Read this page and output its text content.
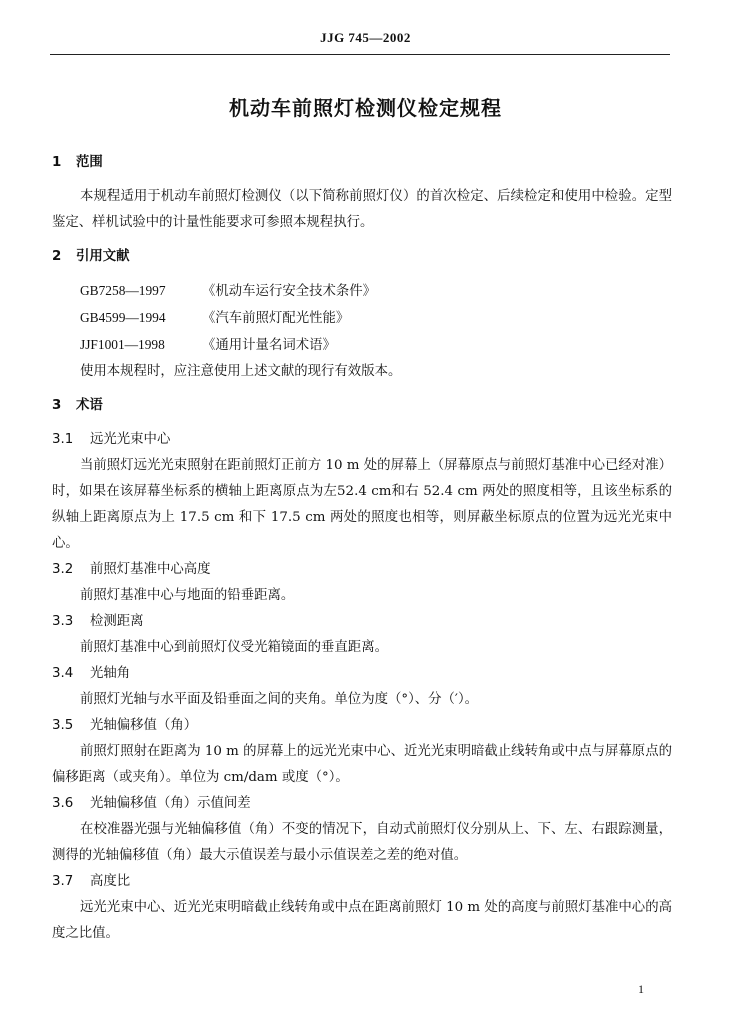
JJG 745—2002
机动车前照灯检测仪检定规程

1 范围

本规程适用于机动车前照灯检测仪（以下简称前照灯仪）的首次检定、后续检定和使用中检验。定型鉴定、样机试验中的计量性能要求可参照本规程执行。

2 引用文献

GB7258—1997	《机动车运行安全技术条件》

GB4599—1994	《汽车前照灯配光性能》

JJF1001—1998	《通用计量名词术语》

使用本规程时，应注意使用上述文献的现行有效版本。

3 术语

3.1 远光光束中心

当前照灯远光光束照射在距前照灯正前方 10 m 处的屏幕上（屏幕原点与前照灯基准中心已经对准）时，如果在该屏幕坐标系的横轴上距离原点为左52.4 cm和右 52.4 cm 两处的照度相等，且该坐标系的纵轴上距离原点为上 17.5 cm 和下 17.5 cm 两处的照度也相等，则屏蔽坐标原点的位置为远光光束中心。

3.2 前照灯基准中心高度

前照灯基准中心与地面的铅垂距离。

3.3 检测距离

前照灯基准中心到前照灯仪受光箱镜面的垂直距离。

3.4 光轴角

前照灯光轴与水平面及铅垂面之间的夹角。单位为度（°）、分（′）。

3.5 光轴偏移值（角）

前照灯照射在距离为 10 m 的屏幕上的远光光束中心、近光光束明暗截止线转角或中点与屏幕原点的偏移距离（或夹角）。单位为 cm/dam 或度（°）。

3.6 光轴偏移值（角）示值间差

在校准器光强与光轴偏移值（角）不变的情况下，自动式前照灯仪分别从上、下、左、右跟踪测量，测得的光轴偏移值（角）最大示值误差与最小示值误差之差的绝对值。

3.7 高度比

远光光束中心、近光光束明暗截止线转角或中点在距离前照灯 10 m 处的高度与前照灯基准中心的高度之比值。

1
